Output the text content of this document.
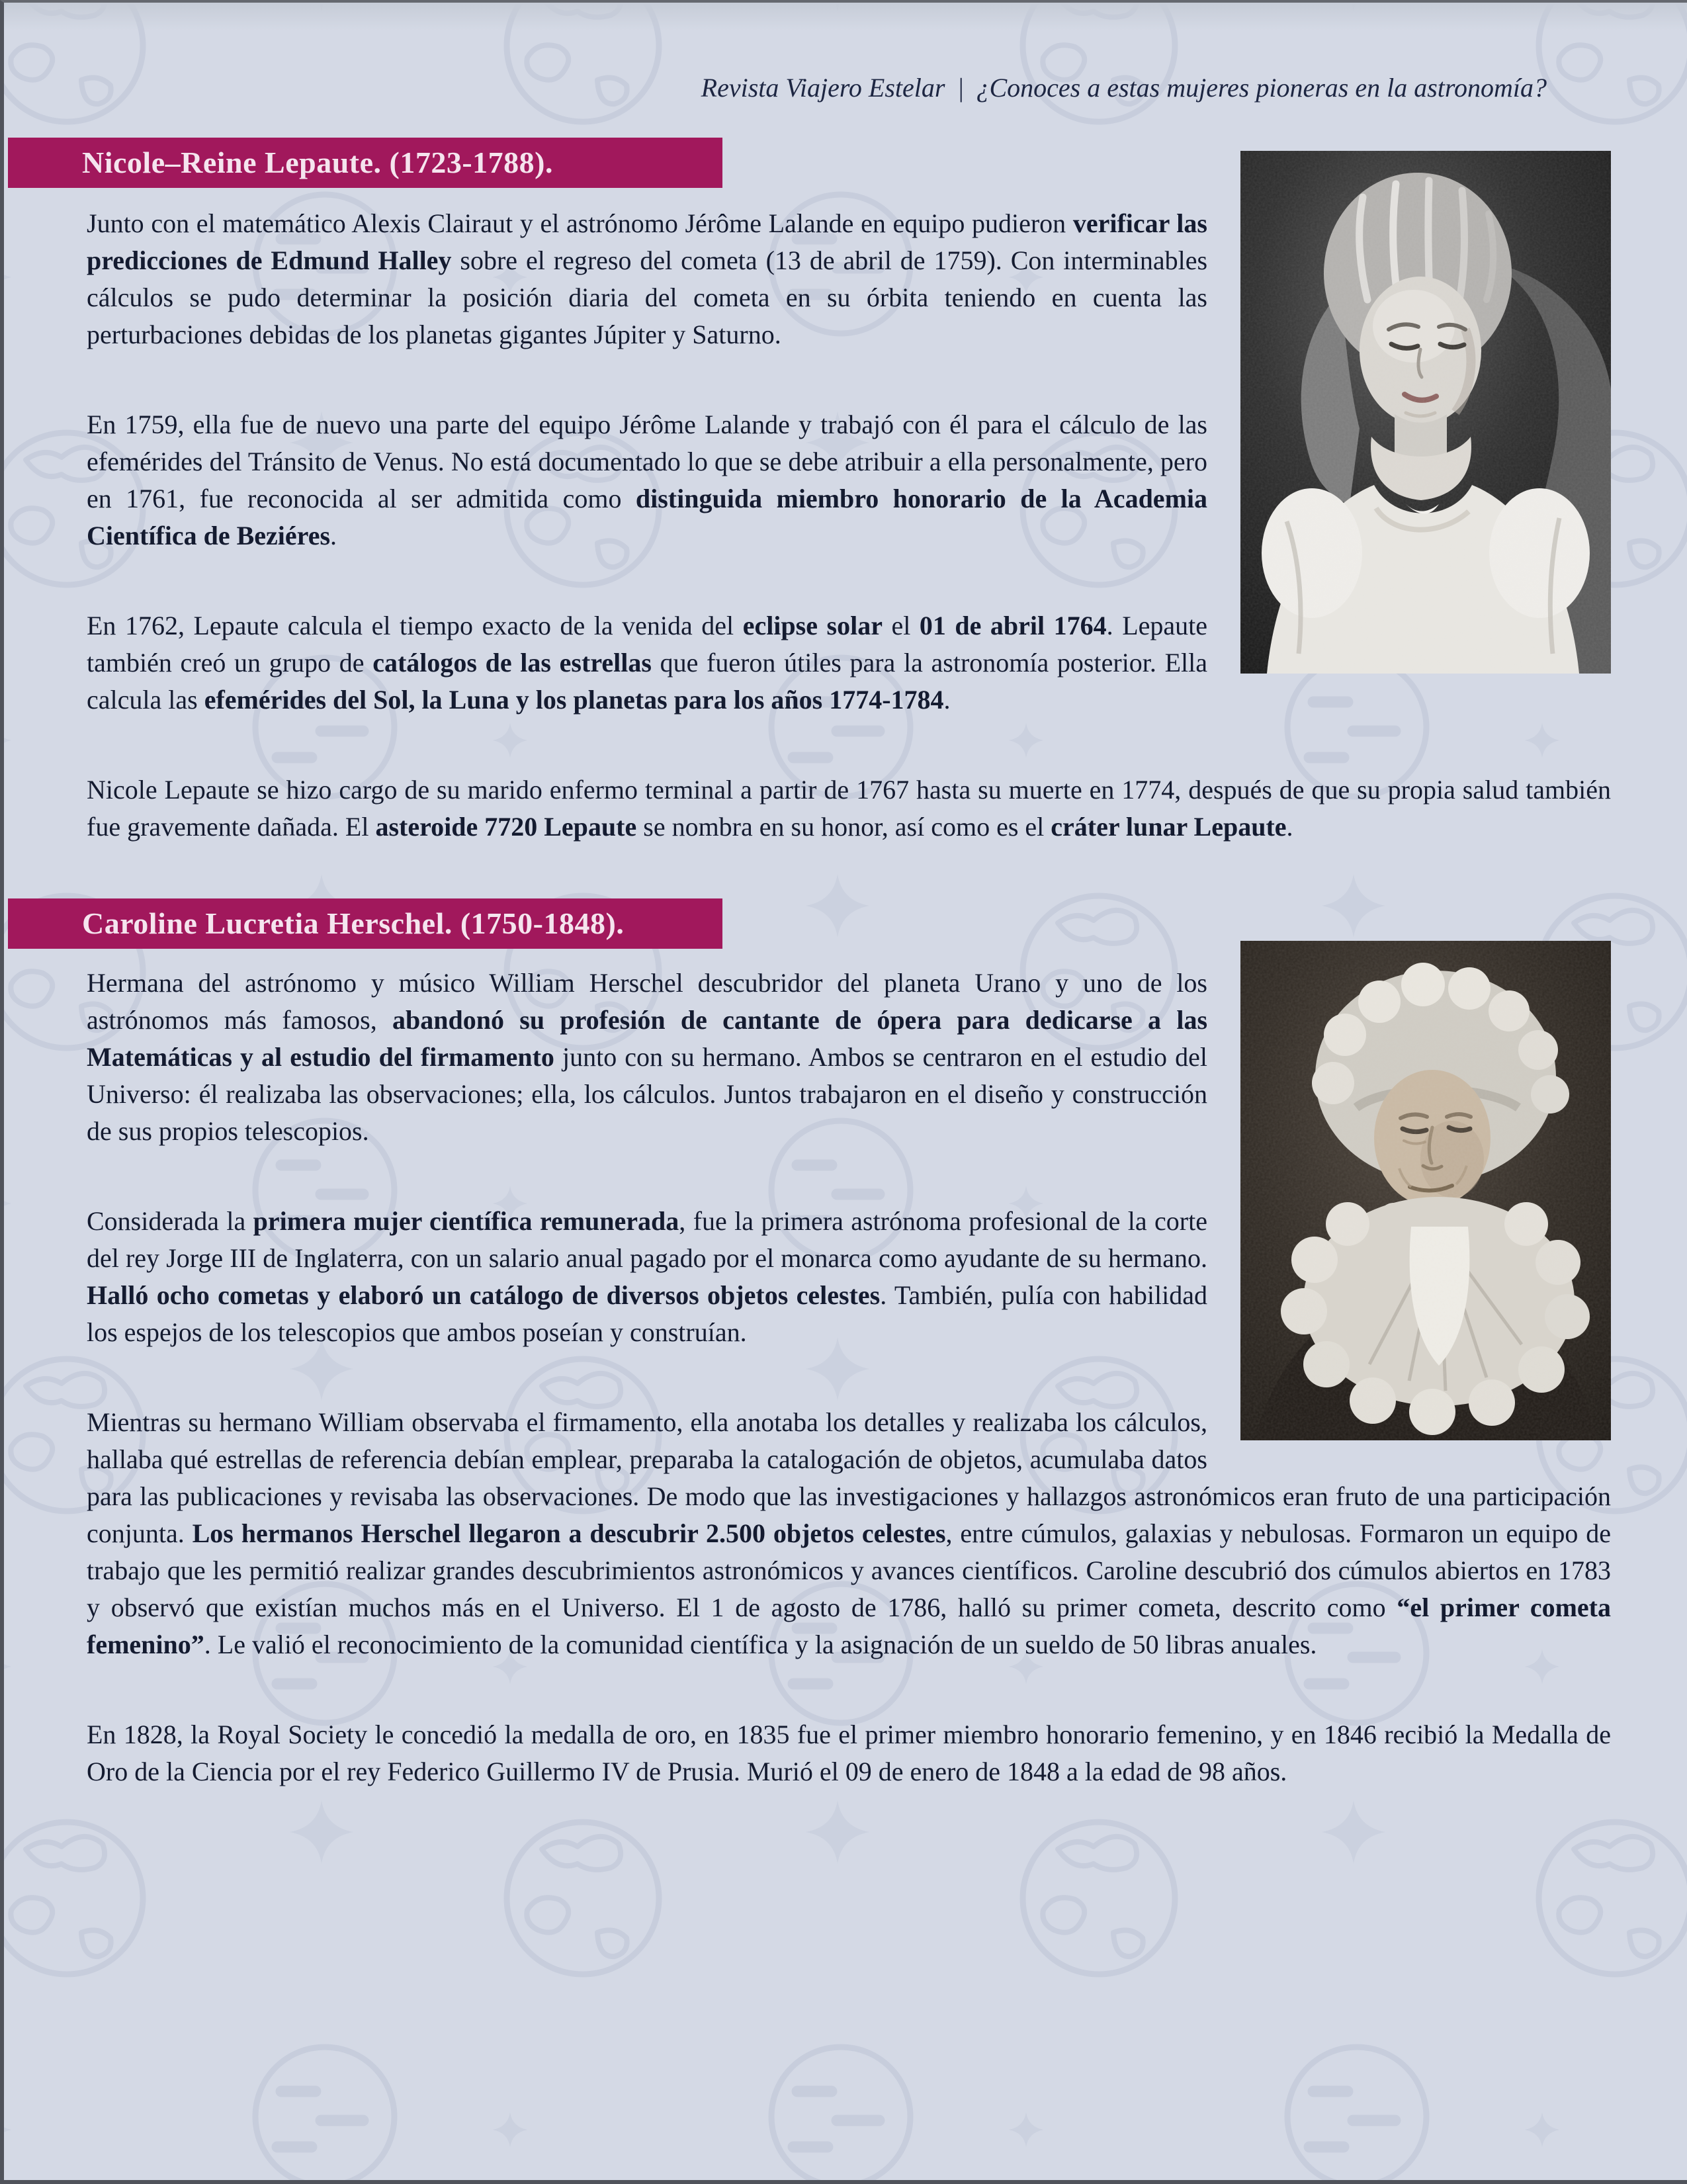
Revista Viajero Estelar | ¿Conoces a estas mujeres pioneras en la astronomía?
Nicole–Reine Lepaute. (1723-1788).

Junto con el matemático Alexis Clairaut y el astrónomo Jérôme Lalande en equipo pudieron verificar las predicciones de Edmund Halley sobre el regreso del cometa (13 de abril de 1759). Con interminables cálculos se pudo determinar la posición diaria del cometa en su órbita teniendo en cuenta las perturbaciones debidas de los planetas gigantes Júpiter y Saturno.

En 1759, ella fue de nuevo una parte del equipo Jérôme Lalande y trabajó con él para el cálculo de las efemérides del Tránsito de Venus. No está documentado lo que se debe atribuir a ella personalmente, pero en 1761, fue reconocida al ser admitida como distinguida miembro honorario de la Academia Científica de Beziéres.

En 1762, Lepaute calcula el tiempo exacto de la venida del eclipse solar el 01 de abril 1764. Lepaute también creó un grupo de catálogos de las estrellas que fueron útiles para la astronomía posterior. Ella calcula las efemérides del Sol, la Luna y los planetas para los años 1774-1784.

Nicole Lepaute se hizo cargo de su marido enfermo terminal a partir de 1767 hasta su muerte en 1774, después de que su propia salud también fue gravemente dañada. El asteroide 7720 Lepaute se nombra en su honor, así como es el cráter lunar Lepaute.

Caroline Lucretia Herschel. (1750-1848).

Hermana del astrónomo y músico William Herschel descubridor del planeta Urano y uno de los astrónomos más famosos, abandonó su profesión de cantante de ópera para dedicarse a las Matemáticas y al estudio del firmamento junto con su hermano. Ambos se centraron en el estudio del Universo: él realizaba las observaciones; ella, los cálculos. Juntos trabajaron en el diseño y construcción de sus propios telescopios.

Considerada la primera mujer científica remunerada, fue la primera astrónoma profesional de la corte del rey Jorge III de Inglaterra, con un salario anual pagado por el monarca como ayudante de su hermano. Halló ocho cometas y elaboró un catálogo de diversos objetos celestes. También, pulía con habilidad los espejos de los telescopios que ambos poseían y construían.

Mientras su hermano William observaba el firmamento, ella anotaba los detalles y realizaba los cálculos, hallaba qué estrellas de referencia debían emplear, preparaba la catalogación de objetos, acumulaba datos para las publicaciones y revisaba las observaciones. De modo que las investigaciones y hallazgos astronómicos eran fruto de una participación conjunta. Los hermanos Herschel llegaron a descubrir 2.500 objetos celestes, entre cúmulos, galaxias y nebulosas. Formaron un equipo de trabajo que les permitió realizar grandes descubrimientos astronómicos y avances científicos. Caroline descubrió dos cúmulos abiertos en 1783 y observó que existían muchos más en el Universo. El 1 de agosto de 1786, halló su primer cometa, descrito como “el primer cometa femenino”. Le valió el reconocimiento de la comunidad científica y la asignación de un sueldo de 50 libras anuales.

En 1828, la Royal Society le concedió la medalla de oro, en 1835 fue el primer miembro honorario femenino, y en 1846 recibió la Medalla de Oro de la Ciencia por el rey Federico Guillermo IV de Prusia. Murió el 09 de enero de 1848 a la edad de 98 años.
